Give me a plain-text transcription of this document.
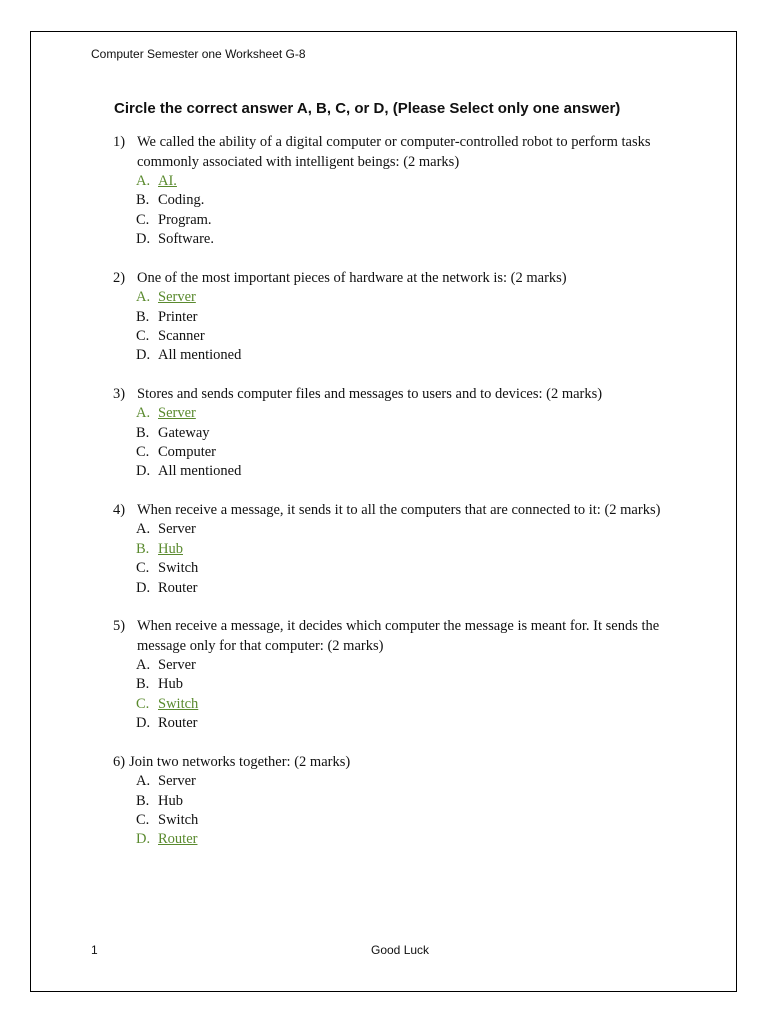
Computer Semester one Worksheet G-8
Circle the correct answer A, B, C, or D, (Please Select only one answer)
1) We called the ability of a digital computer or computer-controlled robot to perform tasks commonly associated with intelligent beings: (2 marks)
A. AI.
B. Coding.
C. Program.
D. Software.
2) One of the most important pieces of hardware at the network is: (2 marks)
A. Server
B. Printer
C. Scanner
D. All mentioned
3) Stores and sends computer files and messages to users and to devices: (2 marks)
A. Server
B. Gateway
C. Computer
D. All mentioned
4) When receive a message, it sends it to all the computers that are connected to it: (2 marks)
A. Server
B. Hub
C. Switch
D. Router
5) When receive a message, it decides which computer the message is meant for. It sends the message only for that computer: (2 marks)
A. Server
B. Hub
C. Switch
D. Router
6) Join two networks together: (2 marks)
A. Server
B. Hub
C. Switch
D. Router
1	Good Luck
